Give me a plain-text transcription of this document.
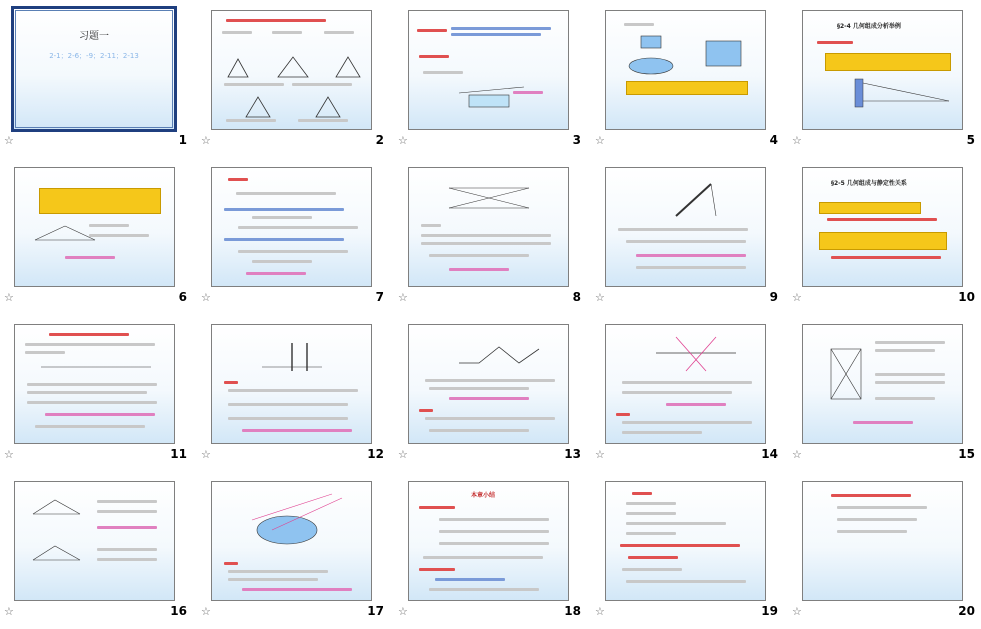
习题一
2-1；2-6；-9；2-11；2-13
☆	1 ☆	2 ☆	3 ☆	4
§2-4 几何组成分析举例
☆	5
☆	6 ☆	7 ☆	8 ☆	9
§2-5 几何组成与静定性关系
☆	10
☆	11 ☆	12 ☆	13 ☆	14 ☆	15
☆	16 ☆	17
本章小结
☆	18 ☆	19 ☆	20
